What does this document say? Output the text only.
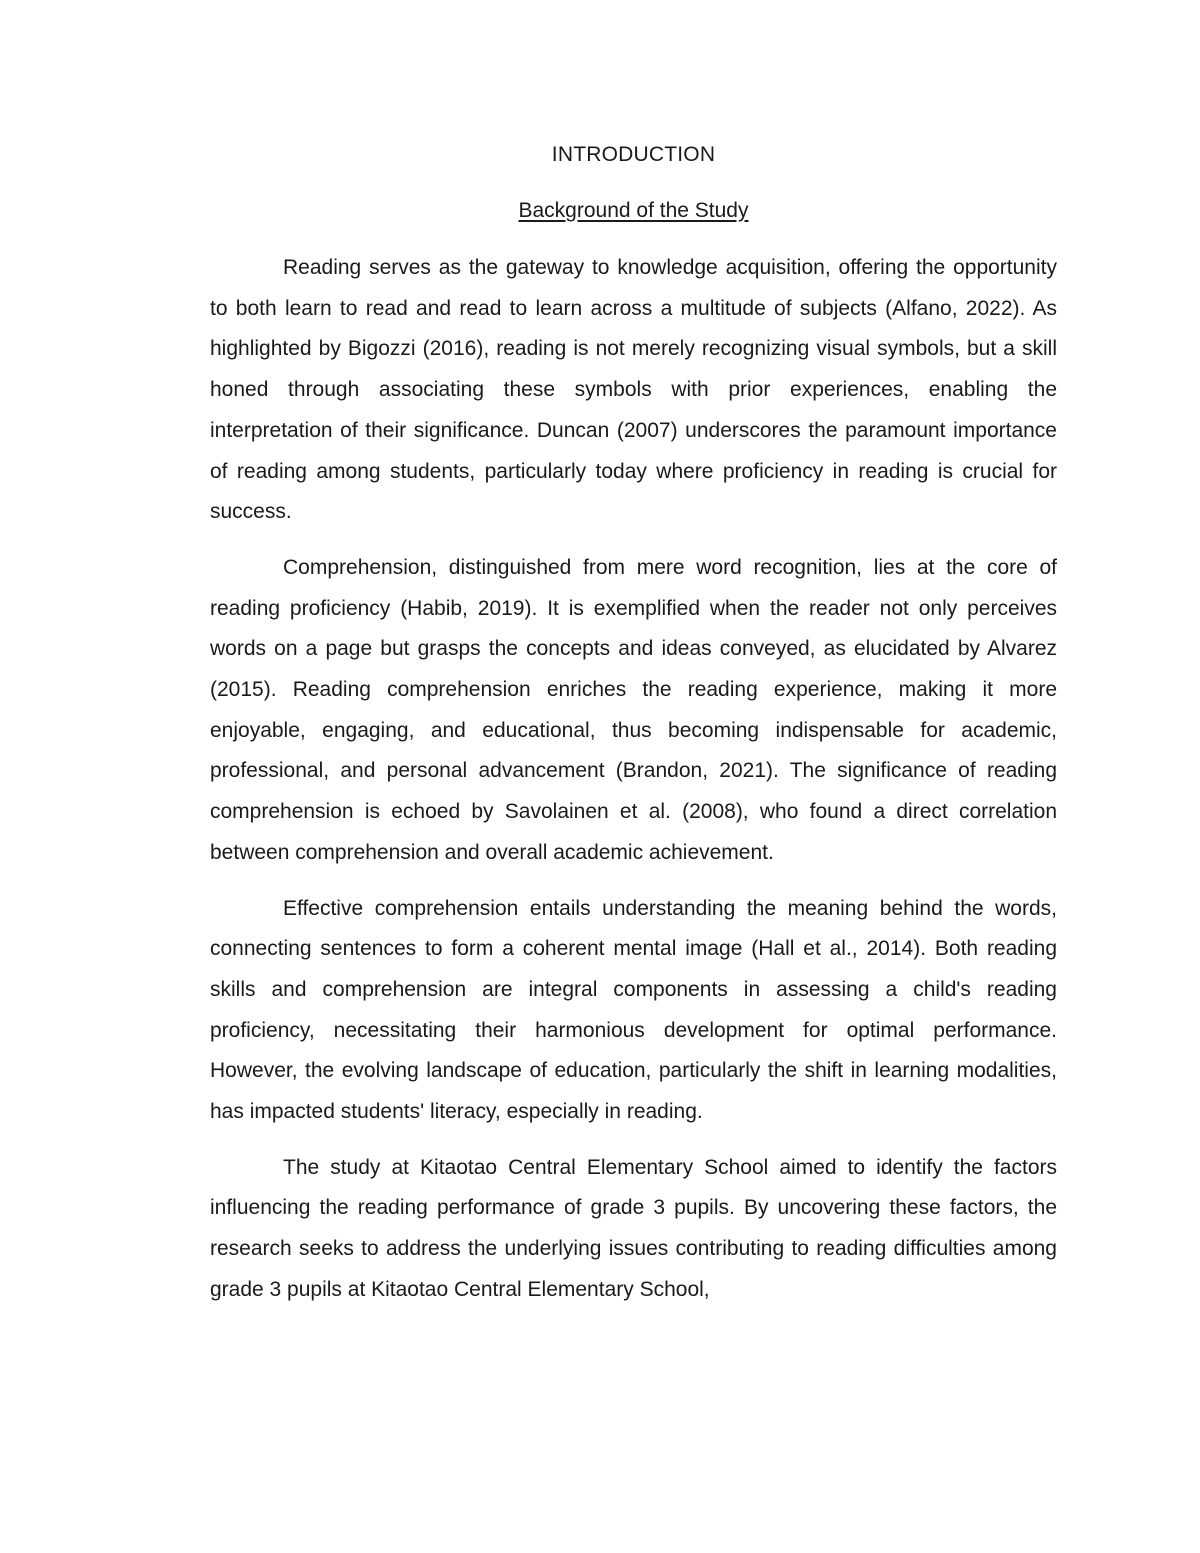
INTRODUCTION
Background of the Study

Reading serves as the gateway to knowledge acquisition, offering the opportunity to both learn to read and read to learn across a multitude of subjects (Alfano, 2022). As highlighted by Bigozzi (2016), reading is not merely recognizing visual symbols, but a skill honed through associating these symbols with prior experiences, enabling the interpretation of their significance. Duncan (2007) underscores the paramount importance of reading among students, particularly today where proficiency in reading is crucial for success.

Comprehension, distinguished from mere word recognition, lies at the core of reading proficiency (Habib, 2019). It is exemplified when the reader not only perceives words on a page but grasps the concepts and ideas conveyed, as elucidated by Alvarez (2015). Reading comprehension enriches the reading experience, making it more enjoyable, engaging, and educational, thus becoming indispensable for academic, professional, and personal advancement (Brandon, 2021). The significance of reading comprehension is echoed by Savolainen et al. (2008), who found a direct correlation between comprehension and overall academic achievement.

Effective comprehension entails understanding the meaning behind the words, connecting sentences to form a coherent mental image (Hall et al., 2014). Both reading skills and comprehension are integral components in assessing a child's reading proficiency, necessitating their harmonious development for optimal performance. However, the evolving landscape of education, particularly the shift in learning modalities, has impacted students' literacy, especially in reading.

The study at Kitaotao Central Elementary School aimed to identify the factors influencing the reading performance of grade 3 pupils. By uncovering these factors, the research seeks to address the underlying issues contributing to reading difficulties among grade 3 pupils at Kitaotao Central Elementary School,
